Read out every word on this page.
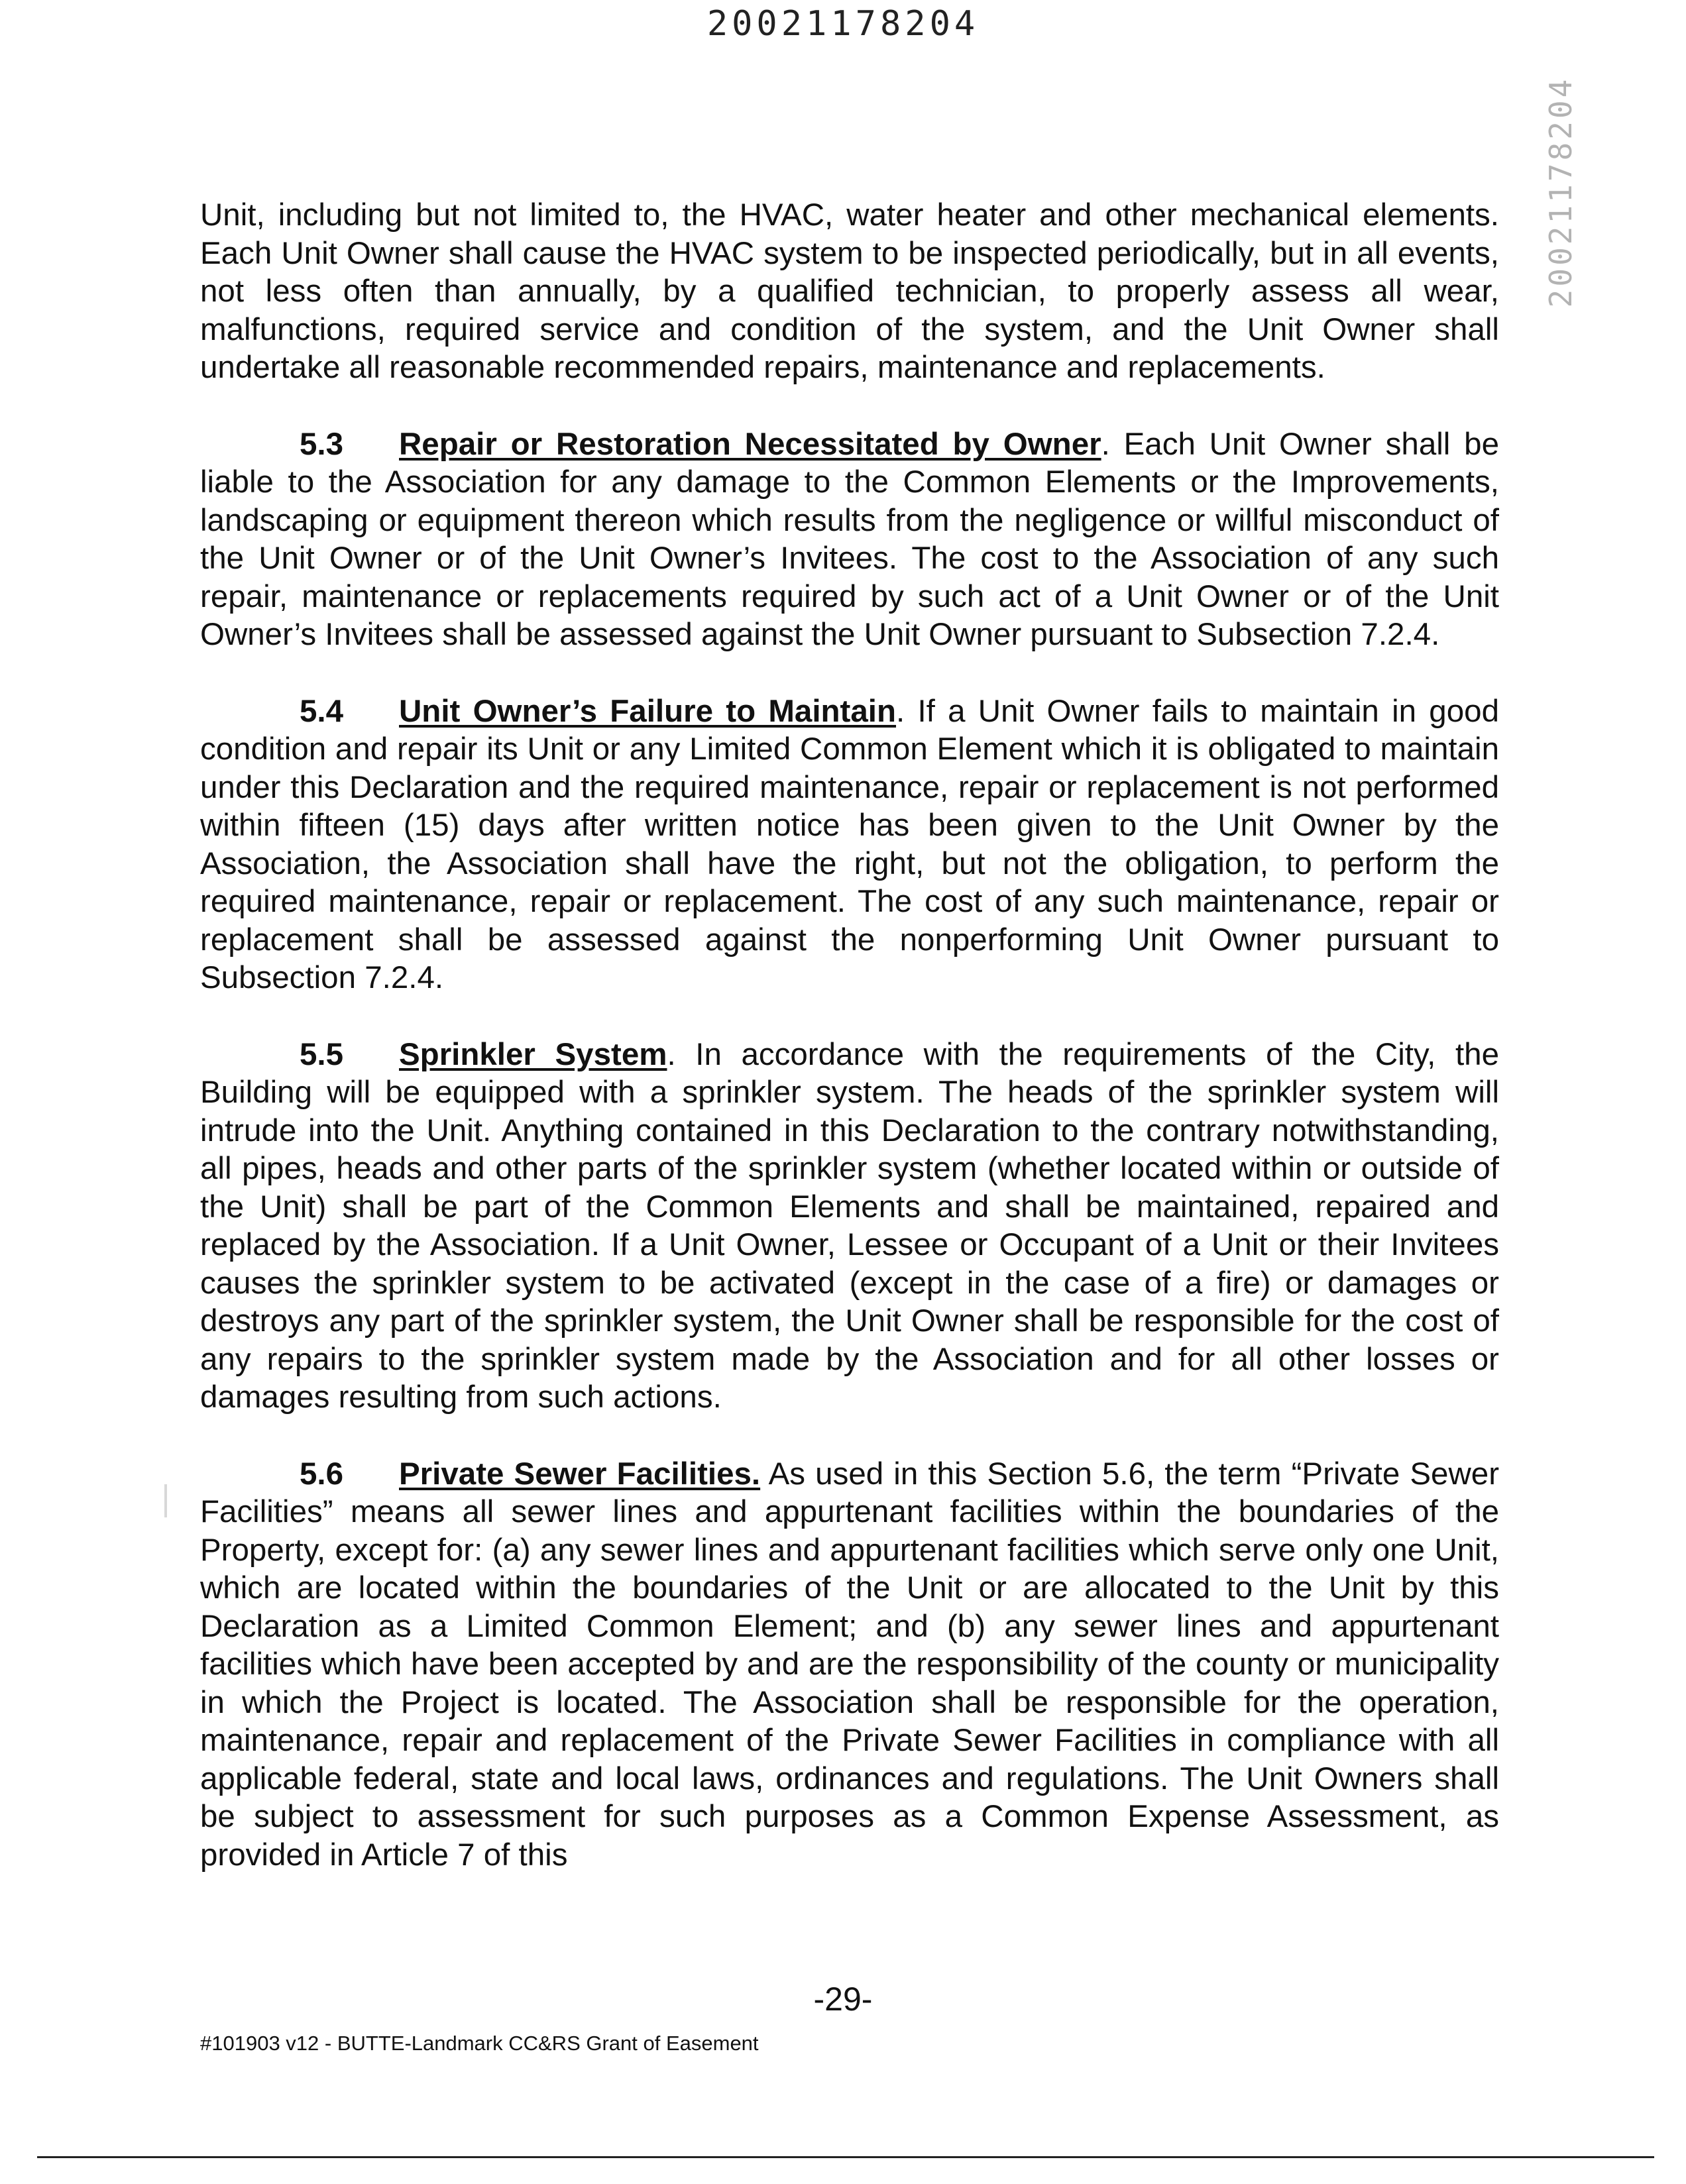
20021178204
20021178204

Unit, including but not limited to, the HVAC, water heater and other mechanical elements. Each Unit Owner shall cause the HVAC system to be inspected periodically, but in all events, not less often than annually, by a qualified technician, to properly assess all wear, malfunctions, required service and condition of the system, and the Unit Owner shall undertake all reasonable recommended repairs, maintenance and replacements.

5.3 Repair or Restoration Necessitated by Owner. Each Unit Owner shall be liable to the Association for any damage to the Common Elements or the Improvements, landscaping or equipment thereon which results from the negligence or willful misconduct of the Unit Owner or of the Unit Owner’s Invitees. The cost to the Association of any such repair, maintenance or replacements required by such act of a Unit Owner or of the Unit Owner’s Invitees shall be assessed against the Unit Owner pursuant to Subsection 7.2.4.

5.4 Unit Owner’s Failure to Maintain. If a Unit Owner fails to maintain in good condition and repair its Unit or any Limited Common Element which it is obligated to maintain under this Declaration and the required maintenance, repair or replacement is not performed within fifteen (15) days after written notice has been given to the Unit Owner by the Association, the Association shall have the right, but not the obligation, to perform the required maintenance, repair or replacement. The cost of any such maintenance, repair or replacement shall be assessed against the nonperforming Unit Owner pursuant to Subsection 7.2.4.

5.5 Sprinkler System. In accordance with the requirements of the City, the Building will be equipped with a sprinkler system. The heads of the sprinkler system will intrude into the Unit. Anything contained in this Declaration to the contrary notwithstanding, all pipes, heads and other parts of the sprinkler system (whether located within or outside of the Unit) shall be part of the Common Elements and shall be maintained, repaired and replaced by the Association. If a Unit Owner, Lessee or Occupant of a Unit or their Invitees causes the sprinkler system to be activated (except in the case of a fire) or damages or destroys any part of the sprinkler system, the Unit Owner shall be responsible for the cost of any repairs to the sprinkler system made by the Association and for all other losses or damages resulting from such actions.

5.6 Private Sewer Facilities. As used in this Section 5.6, the term “Private Sewer Facilities” means all sewer lines and appurtenant facilities within the boundaries of the Property, except for: (a) any sewer lines and appurtenant facilities which serve only one Unit, which are located within the boundaries of the Unit or are allocated to the Unit by this Declaration as a Limited Common Element; and (b) any sewer lines and appurtenant facilities which have been accepted by and are the responsibility of the county or municipality in which the Project is located. The Association shall be responsible for the operation, maintenance, repair and replacement of the Private Sewer Facilities in compliance with all applicable federal, state and local laws, ordinances and regulations. The Unit Owners shall be subject to assessment for such purposes as a Common Expense Assessment, as provided in Article 7 of this

-29-
#101903 v12 - BUTTE-Landmark CC&RS Grant of Easement
